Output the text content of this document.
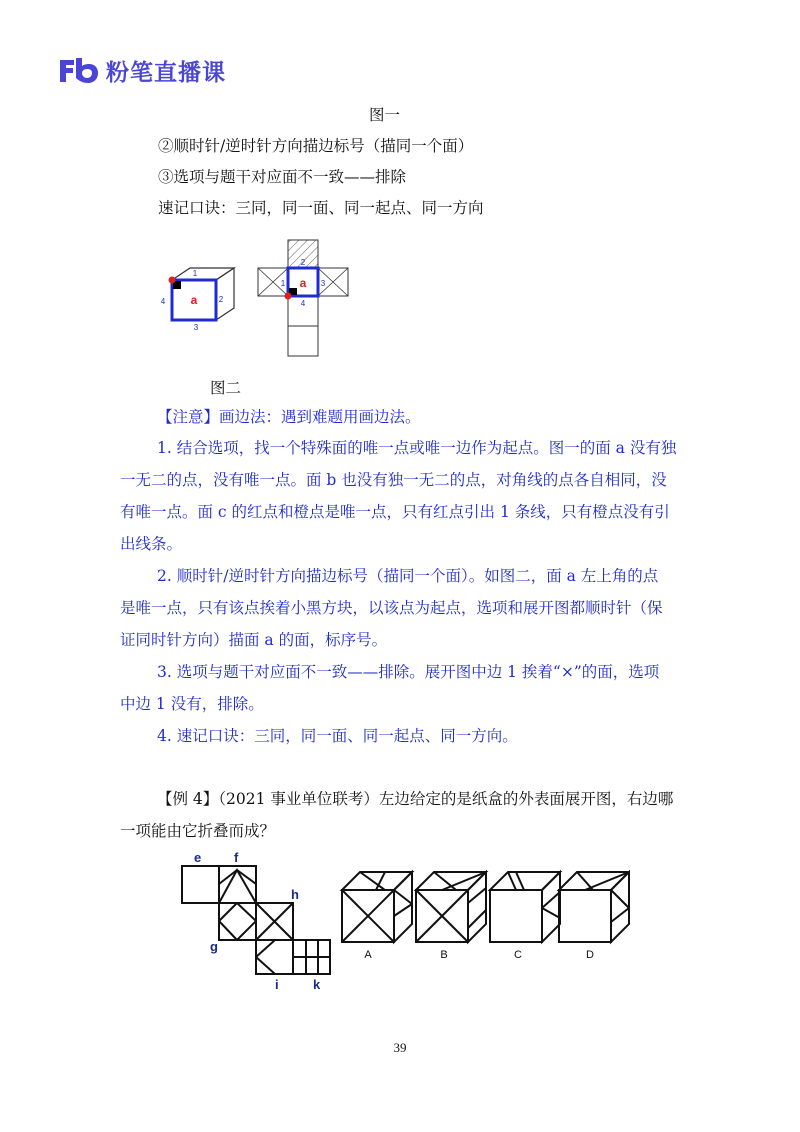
粉笔直播课
图一
②顺时针/逆时针方向描边标号（描同一个面）
③选项与题干对应面不一致——排除
速记口诀：三同，同一面、同一起点、同一方向
a
1
2
3
4
a
1
2
3
4
图二
【注意】画边法：遇到难题用画边法。
1. 结合选项，找一个特殊面的唯一点或唯一边作为起点。图一的面 a 没有独
一无二的点，没有唯一点。面 b 也没有独一无二的点，对角线的点各自相同，没
有唯一点。面 c 的红点和橙点是唯一点，只有红点引出 1 条线，只有橙点没有引
出线条。
2. 顺时针/逆时针方向描边标号（描同一个面）。如图二，面 a 左上角的点
是唯一点，只有该点挨着小黑方块，以该点为起点，选项和展开图都顺时针（保
证同时针方向）描面 a 的面，标序号。
3. 选项与题干对应面不一致——排除。展开图中边 1 挨着“×”的面，选项
中边 1 没有，排除。
4. 速记口诀：三同，同一面、同一起点、同一方向。
【例 4】（2021 事业单位联考）左边给定的是纸盒的外表面展开图，右边哪
一项能由它折叠而成？
e	f
g
h
i	k
A	B	C	D
39
